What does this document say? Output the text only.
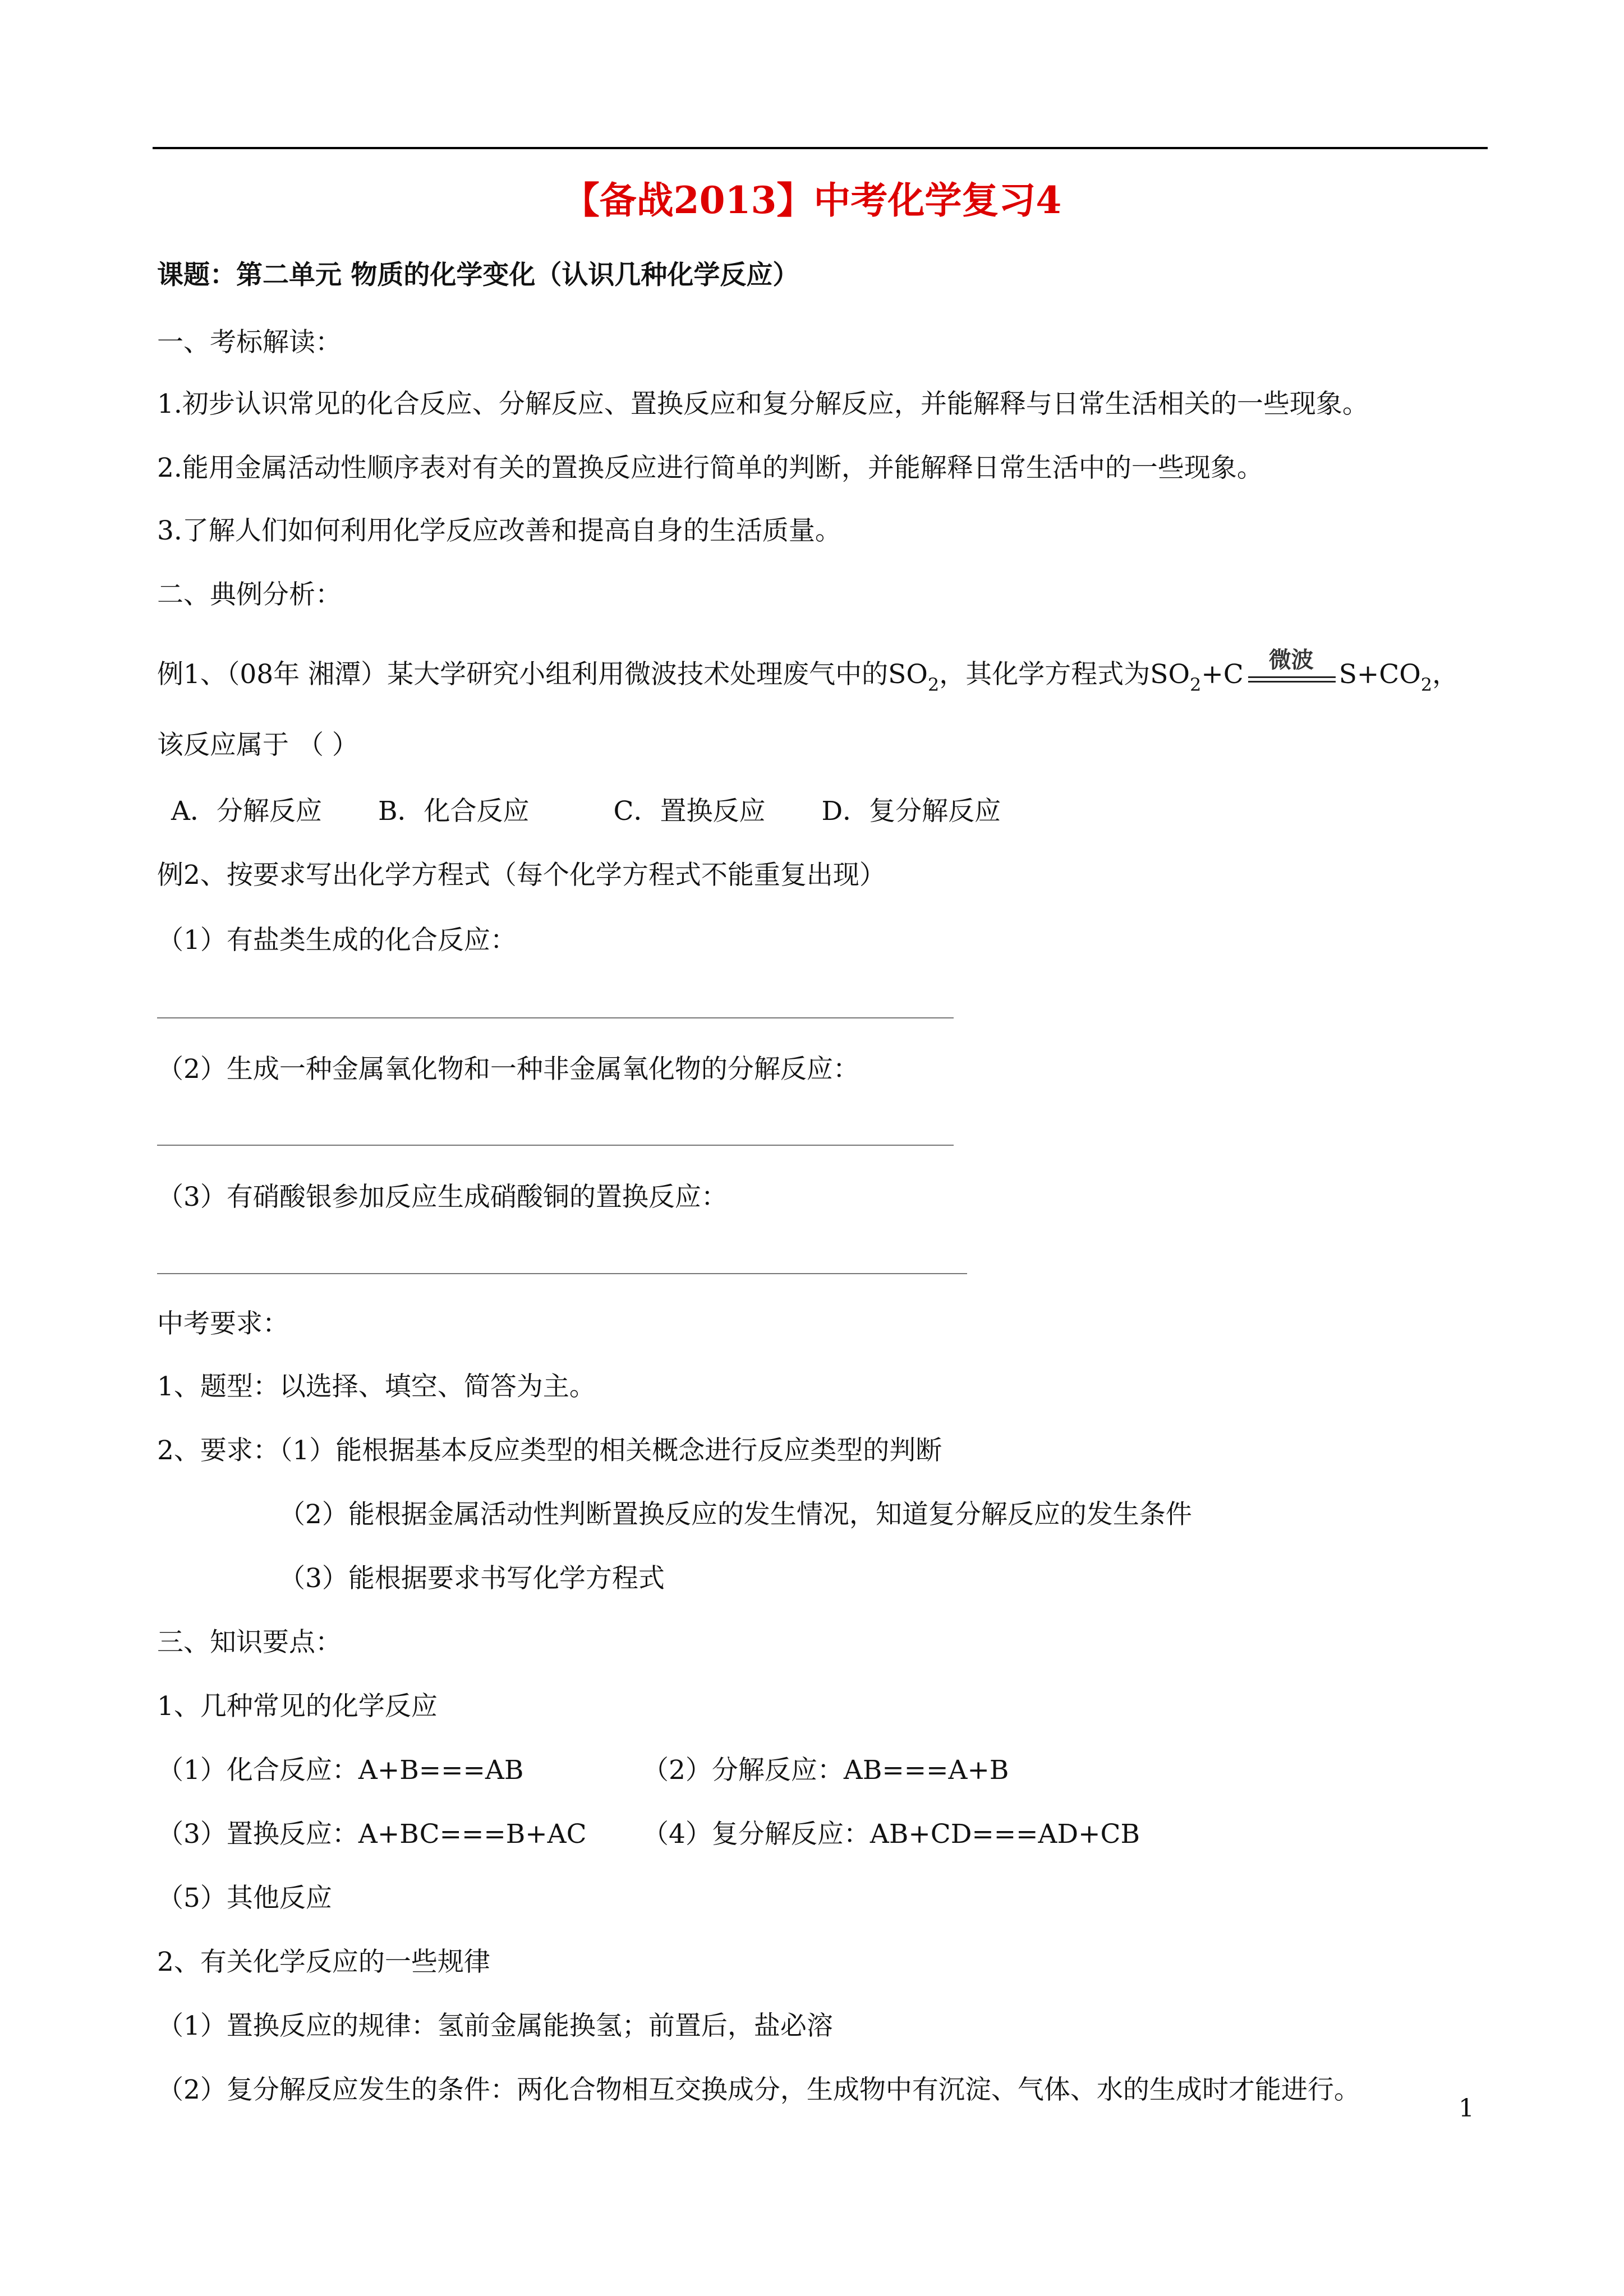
【备战2013】中考化学复习4
课题：第二单元 物质的化学变化（认识几种化学反应）
一、考标解读：
1.初步认识常见的化合反应、分解反应、置换反应和复分解反应，并能解释与日常生活相关的一些现象。
2.能用金属活动性顺序表对有关的置换反应进行简单的判断，并能解释日常生活中的一些现象。
3.了解人们如何利用化学反应改善和提高自身的生活质量。
二、典例分析：
例1、（08年 湘潭）某大学研究小组利用微波技术处理废气中的$SO_2$，其化学方程式为$SO_2+C$	微波 $S+CO_2$，
该反应属于 （ ）
A．分解反应 B．化合反应	C．置换反应 D．复分解反应
例2、按要求写出化学方程式（每个化学方程式不能重复出现）
（1）有盐类生成的化合反应：
（2）生成一种金属氧化物和一种非金属氧化物的分解反应：
（3）有硝酸银参加反应生成硝酸铜的置换反应：
中考要求：
1、题型：以选择、填空、简答为主。
2、要求：（1）能根据基本反应类型的相关概念进行反应类型的判断
（2）能根据金属活动性判断置换反应的发生情况，知道复分解反应的发生条件
（3）能根据要求书写化学方程式
三、知识要点：
1、几种常见的化学反应
（1）化合反应：A+B===AB	（2）分解反应：AB===A+B
（3）置换反应：A+BC===B+AC （4）复分解反应：AB+CD===AD+CB
（5）其他反应
2、有关化学反应的一些规律
（1）置换反应的规律：氢前金属能换氢；前置后，盐必溶
（2）复分解反应发生的条件：两化合物相互交换成分，生成物中有沉淀、气体、水的生成时才能进行。
1
